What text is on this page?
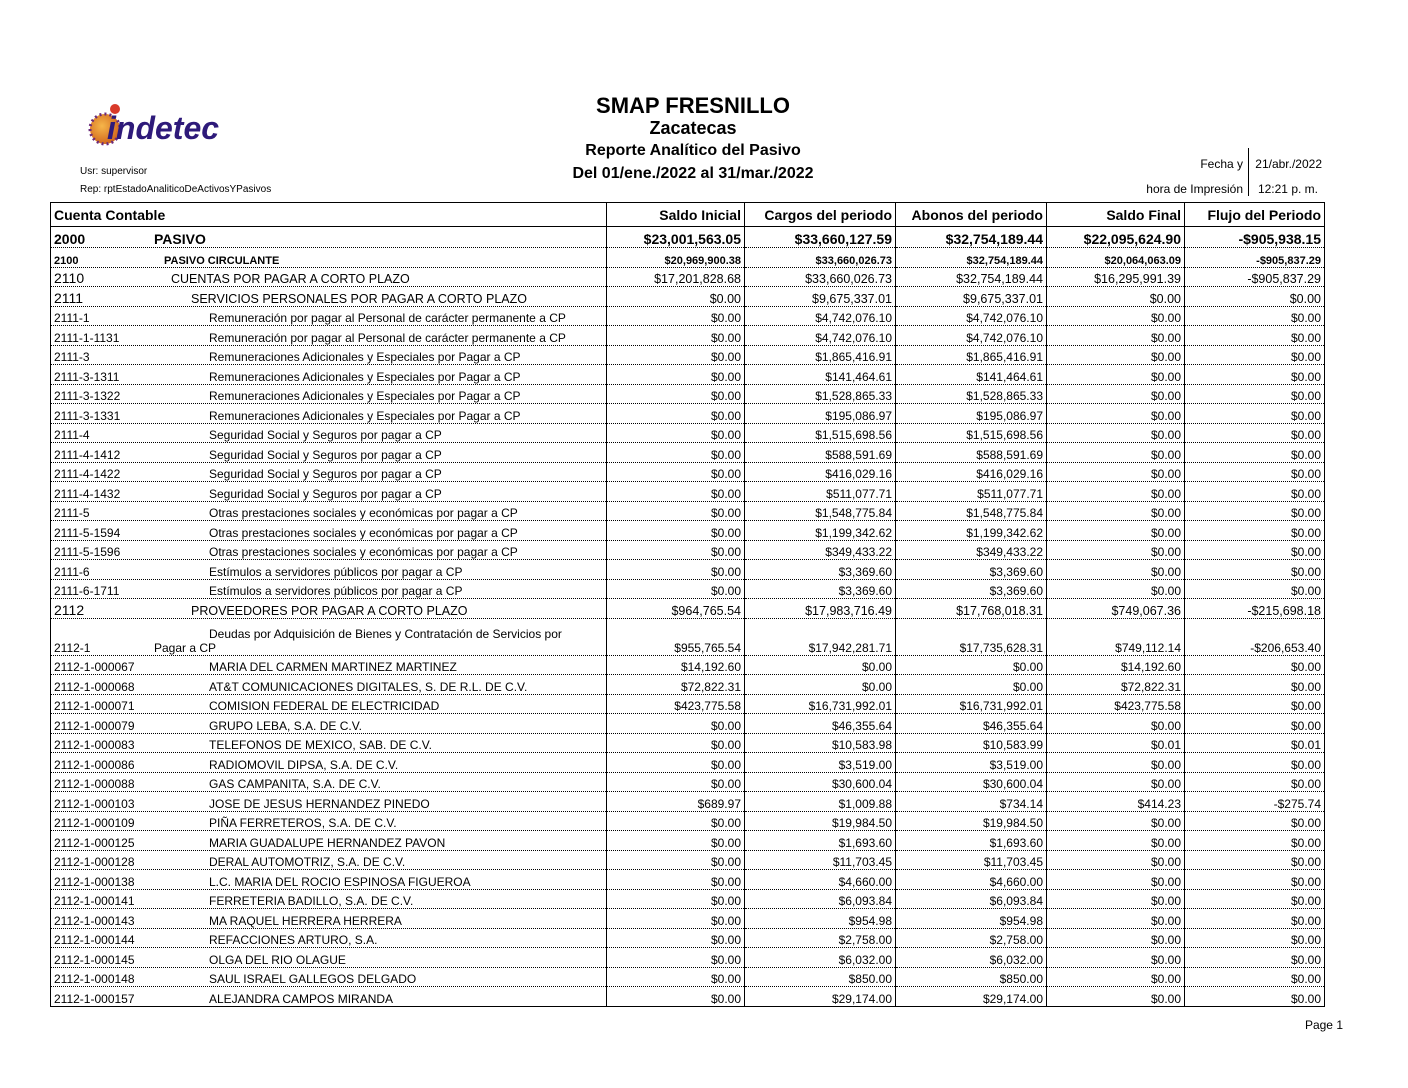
indetec
Usr: supervisor
Rep: rptEstadoAnaliticoDeActivosYPasivos
SMAP FRESNILLO
Zacatecas
Reporte Analítico del Pasivo
Del 01/ene./2022 al 31/mar./2022
Fecha y 21/abr./2022
hora de Impresión 12:21 p. m.
Cuenta Contable	Saldo Inicial	Cargos del periodo	Abonos del periodo	Saldo Final	Flujo del Periodo
2000 PASIVO	$23,001,563.05	$33,660,127.59	$32,754,189.44	$22,095,624.90	-$905,938.15
2100 PASIVO CIRCULANTE	$20,969,900.38	$33,660,026.73	$32,754,189.44	$20,064,063.09	-$905,837.29
2110 CUENTAS POR PAGAR A CORTO PLAZO	$17,201,828.68	$33,660,026.73	$32,754,189.44	$16,295,991.39	-$905,837.29
2111 SERVICIOS PERSONALES POR PAGAR A CORTO PLAZO	$0.00	$9,675,337.01	$9,675,337.01	$0.00	$0.00
2111-1 Remuneración por pagar al Personal de carácter permanente a CP	$0.00	$4,742,076.10	$4,742,076.10	$0.00	$0.00
2111-1-1131 Remuneración por pagar al Personal de carácter permanente a CP	$0.00	$4,742,076.10	$4,742,076.10	$0.00	$0.00
2111-3 Remuneraciones Adicionales y Especiales por Pagar a CP	$0.00	$1,865,416.91	$1,865,416.91	$0.00	$0.00
2111-3-1311 Remuneraciones Adicionales y Especiales por Pagar a CP	$0.00	$141,464.61	$141,464.61	$0.00	$0.00
2111-3-1322 Remuneraciones Adicionales y Especiales por Pagar a CP	$0.00	$1,528,865.33	$1,528,865.33	$0.00	$0.00
2111-3-1331 Remuneraciones Adicionales y Especiales por Pagar a CP	$0.00	$195,086.97	$195,086.97	$0.00	$0.00
2111-4 Seguridad Social y Seguros por pagar a CP	$0.00	$1,515,698.56	$1,515,698.56	$0.00	$0.00
2111-4-1412 Seguridad Social y Seguros por pagar a CP	$0.00	$588,591.69	$588,591.69	$0.00	$0.00
2111-4-1422 Seguridad Social y Seguros por pagar a CP	$0.00	$416,029.16	$416,029.16	$0.00	$0.00
2111-4-1432 Seguridad Social y Seguros por pagar a CP	$0.00	$511,077.71	$511,077.71	$0.00	$0.00
2111-5 Otras prestaciones sociales y económicas por pagar a CP	$0.00	$1,548,775.84	$1,548,775.84	$0.00	$0.00
2111-5-1594 Otras prestaciones sociales y económicas por pagar a CP	$0.00	$1,199,342.62	$1,199,342.62	$0.00	$0.00
2111-5-1596 Otras prestaciones sociales y económicas por pagar a CP	$0.00	$349,433.22	$349,433.22	$0.00	$0.00
2111-6 Estímulos a servidores públicos por pagar a CP	$0.00	$3,369.60	$3,369.60	$0.00	$0.00
2111-6-1711 Estímulos a servidores públicos por pagar a CP	$0.00	$3,369.60	$3,369.60	$0.00	$0.00
2112 PROVEEDORES POR PAGAR A CORTO PLAZO	$964,765.54	$17,983,716.49	$17,768,018.31	$749,067.36	-$215,698.18

Deudas por Adquisición de Bienes y Contratación de Servicios por
2112-1 Pagar a CP	$955,765.54	$17,942,281.71	$17,735,628.31	$749,112.14	-$206,653.40
2112-1-000067 MARIA DEL CARMEN MARTINEZ MARTINEZ	$14,192.60	$0.00	$0.00	$14,192.60	$0.00
2112-1-000068 AT&T COMUNICACIONES DIGITALES, S. DE R.L. DE C.V.	$72,822.31	$0.00	$0.00	$72,822.31	$0.00
2112-1-000071 COMISION FEDERAL DE ELECTRICIDAD	$423,775.58	$16,731,992.01	$16,731,992.01	$423,775.58	$0.00
2112-1-000079 GRUPO LEBA, S.A. DE C.V.	$0.00	$46,355.64	$46,355.64	$0.00	$0.00
2112-1-000083 TELEFONOS DE MEXICO, SAB. DE C.V.	$0.00	$10,583.98	$10,583.99	$0.01	$0.01
2112-1-000086 RADIOMOVIL DIPSA, S.A. DE C.V.	$0.00	$3,519.00	$3,519.00	$0.00	$0.00
2112-1-000088 GAS CAMPANITA, S.A. DE C.V.	$0.00	$30,600.04	$30,600.04	$0.00	$0.00
2112-1-000103 JOSE DE JESUS HERNANDEZ PINEDO	$689.97	$1,009.88	$734.14	$414.23	-$275.74
2112-1-000109 PIÑA FERRETEROS, S.A. DE C.V.	$0.00	$19,984.50	$19,984.50	$0.00	$0.00
2112-1-000125 MARIA GUADALUPE HERNANDEZ PAVON	$0.00	$1,693.60	$1,693.60	$0.00	$0.00
2112-1-000128 DERAL AUTOMOTRIZ, S.A. DE C.V.	$0.00	$11,703.45	$11,703.45	$0.00	$0.00
2112-1-000138 L.C. MARIA DEL ROCIO ESPINOSA FIGUEROA	$0.00	$4,660.00	$4,660.00	$0.00	$0.00
2112-1-000141 FERRETERIA BADILLO, S.A. DE C.V.	$0.00	$6,093.84	$6,093.84	$0.00	$0.00
2112-1-000143 MA RAQUEL HERRERA HERRERA	$0.00	$954.98	$954.98	$0.00	$0.00
2112-1-000144 REFACCIONES ARTURO, S.A.	$0.00	$2,758.00	$2,758.00	$0.00	$0.00
2112-1-000145 OLGA DEL RIO OLAGUE	$0.00	$6,032.00	$6,032.00	$0.00	$0.00
2112-1-000148 SAUL ISRAEL GALLEGOS DELGADO	$0.00	$850.00	$850.00	$0.00	$0.00
2112-1-000157 ALEJANDRA CAMPOS MIRANDA	$0.00	$29,174.00	$29,174.00	$0.00	$0.00
Page 1
